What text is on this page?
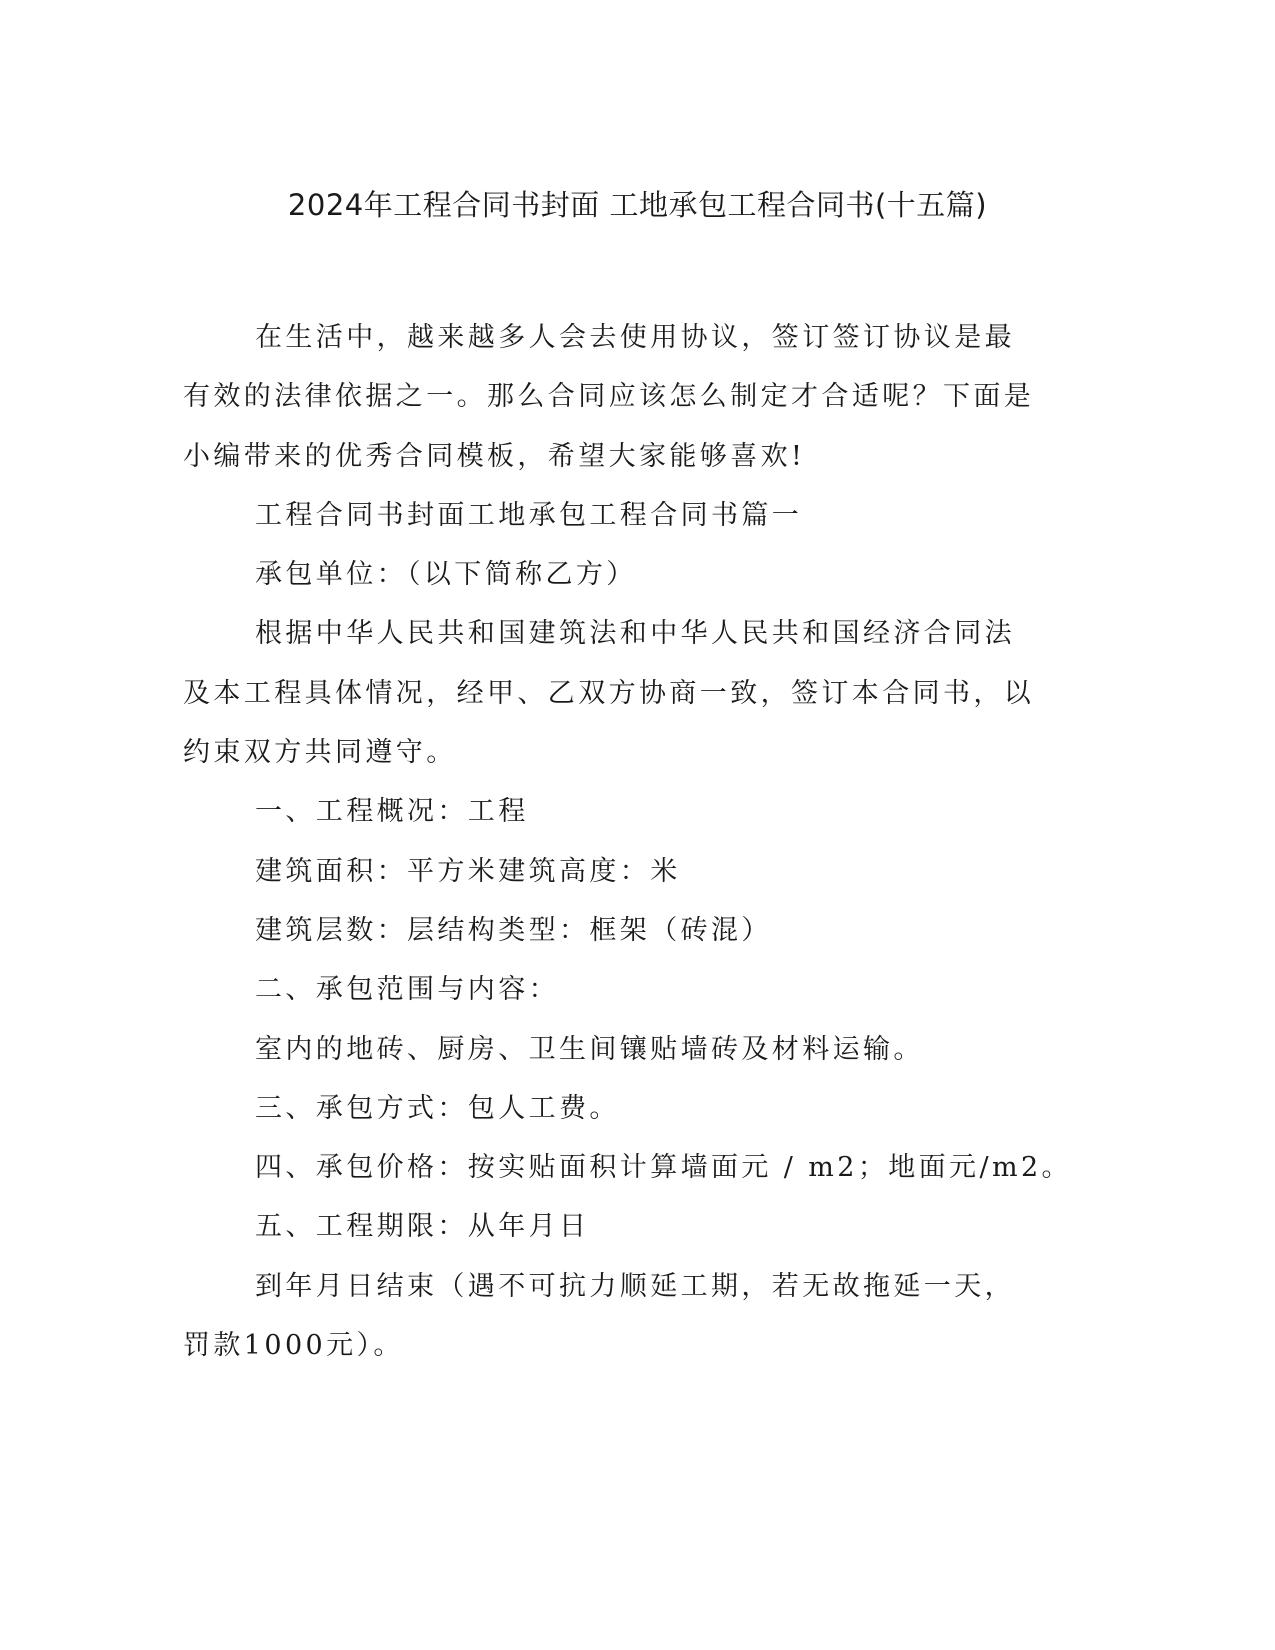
2024年工程合同书封面 工地承包工程合同书(十五篇)

在生活中，越来越多人会去使用协议，签订签订协议是最有效的法律依据之一。那么合同应该怎么制定才合适呢？下面是小编带来的优秀合同模板，希望大家能够喜欢!

工程合同书封面工地承包工程合同书篇一

承包单位：（以下简称乙方）

根据中华人民共和国建筑法和中华人民共和国经济合同法及本工程具体情况，经甲、乙双方协商一致，签订本合同书，以约束双方共同遵守。

一、工程概况：工程

建筑面积：平方米建筑高度：米

建筑层数：层结构类型：框架（砖混）

二、承包范围与内容：

室内的地砖、厨房、卫生间镶贴墙砖及材料运输。

三、承包方式：包人工费。

四、承包价格：按实贴面积计算墙面元 / m2；地面元/m2。

五、工程期限：从年月日

到年月日结束（遇不可抗力顺延工期，若无故拖延一天，罚款1000元）。
